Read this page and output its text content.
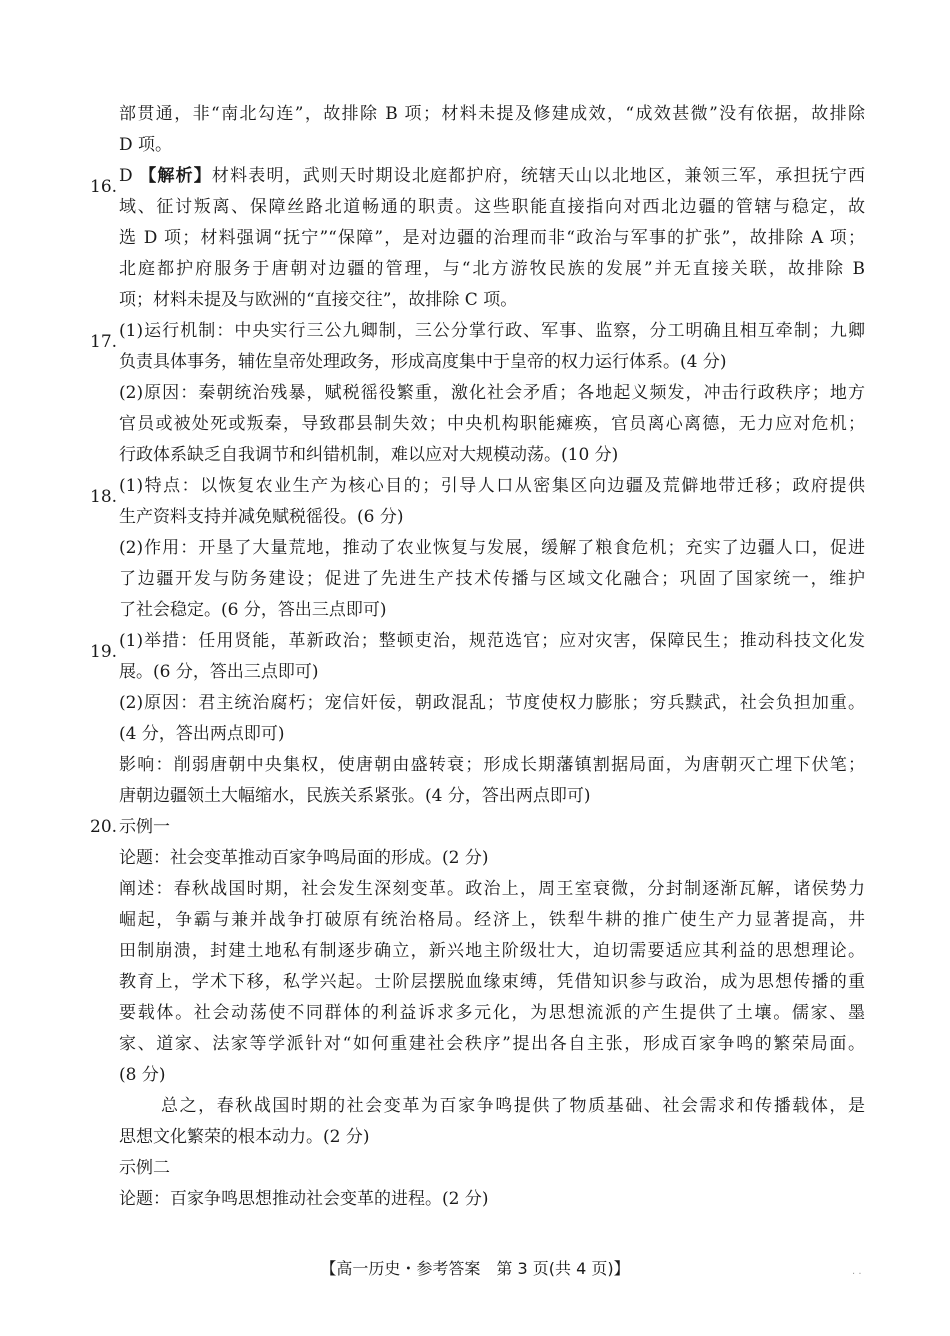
部贯通，非“南北勾连”，故排除 B 项；材料未提及修建成效，“成效甚微”没有依据，故排除
D 项。
16.D 【解析】材料表明，武则天时期设北庭都护府，统辖天山以北地区，兼领三军，承担抚宁西
域、征讨叛离、保障丝路北道畅通的职责。这些职能直接指向对西北边疆的管辖与稳定，故
选 D 项；材料强调“抚宁”“保障”，是对边疆的治理而非“政治与军事的扩张”，故排除 A 项；
北庭都护府服务于唐朝对边疆的管理，与“北方游牧民族的发展”并无直接关联，故排除 B
项；材料未提及与欧洲的“直接交往”，故排除 C 项。
17.(1)运行机制：中央实行三公九卿制，三公分掌行政、军事、监察，分工明确且相互牵制；九卿
负责具体事务，辅佐皇帝处理政务，形成高度集中于皇帝的权力运行体系。(4 分)
(2)原因：秦朝统治残暴，赋税徭役繁重，激化社会矛盾；各地起义频发，冲击行政秩序；地方
官员或被处死或叛秦，导致郡县制失效；中央机构职能瘫痪，官员离心离德，无力应对危机；
行政体系缺乏自我调节和纠错机制，难以应对大规模动荡。(10 分)
18.(1)特点：以恢复农业生产为核心目的；引导人口从密集区向边疆及荒僻地带迁移；政府提供
生产资料支持并减免赋税徭役。(6 分)
(2)作用：开垦了大量荒地，推动了农业恢复与发展，缓解了粮食危机；充实了边疆人口，促进
了边疆开发与防务建设；促进了先进生产技术传播与区域文化融合；巩固了国家统一，维护
了社会稳定。(6 分，答出三点即可)
19.(1)举措：任用贤能，革新政治；整顿吏治，规范选官；应对灾害，保障民生；推动科技文化发
展。(6 分，答出三点即可)
(2)原因：君主统治腐朽；宠信奸佞，朝政混乱；节度使权力膨胀；穷兵黩武，社会负担加重。
(4 分，答出两点即可)
影响：削弱唐朝中央集权，使唐朝由盛转衰；形成长期藩镇割据局面，为唐朝灭亡埋下伏笔；
唐朝边疆领土大幅缩水，民族关系紧张。(4 分，答出两点即可)
20. 示例一
论题：社会变革推动百家争鸣局面的形成。(2 分)
阐述：春秋战国时期，社会发生深刻变革。政治上，周王室衰微，分封制逐渐瓦解，诸侯势力
崛起，争霸与兼并战争打破原有统治格局。经济上，铁犁牛耕的推广使生产力显著提高，井
田制崩溃，封建土地私有制逐步确立，新兴地主阶级壮大，迫切需要适应其利益的思想理论。
教育上，学术下移，私学兴起。士阶层摆脱血缘束缚，凭借知识参与政治，成为思想传播的重
要载体。社会动荡使不同群体的利益诉求多元化，为思想流派的产生提供了土壤。儒家、墨
家、道家、法家等学派针对“如何重建社会秩序”提出各自主张，形成百家争鸣的繁荣局面。
(8 分)
总之，春秋战国时期的社会变革为百家争鸣提供了物质基础、社会需求和传播载体，是
思想文化繁荣的根本动力。(2 分)
示例二
论题：百家争鸣思想推动社会变革的进程。(2 分)
【高一历史・参考答案　第 3 页(共 4 页)】	. .
